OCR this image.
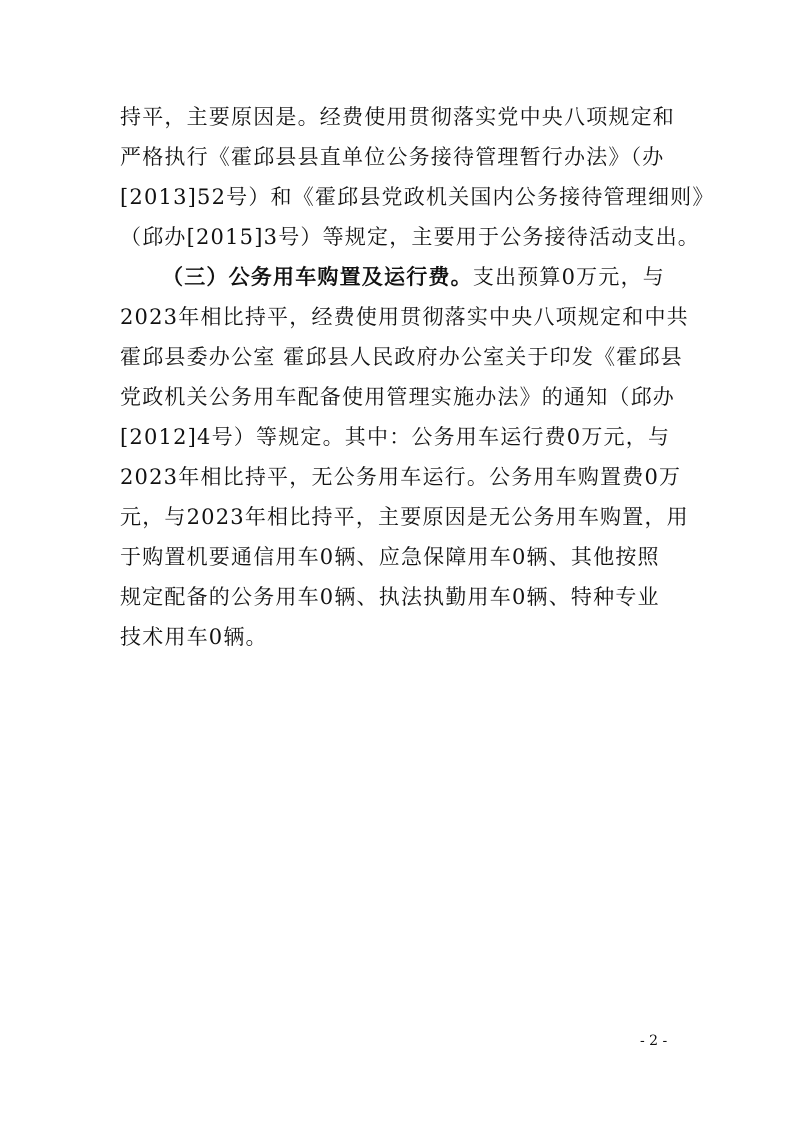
持平，主要原因是。经费使用贯彻落实党中央八项规定和
严格执行《霍邱县县直单位公务接待管理暂行办法》（办
[2013]52号）和《霍邱县党政机关国内公务接待管理细则》
（邱办[2015]3号）等规定，主要用于公务接待活动支出。
（三）公务用车购置及运行费。支出预算0万元，与
2023年相比持平，经费使用贯彻落实中央八项规定和中共
霍邱县委办公室 霍邱县人民政府办公室关于印发《霍邱县
党政机关公务用车配备使用管理实施办法》的通知（邱办
[2012]4号）等规定。其中：公务用车运行费0万元，与
2023年相比持平，无公务用车运行。公务用车购置费0万
元，与2023年相比持平，主要原因是无公务用车购置，用
于购置机要通信用车0辆、应急保障用车0辆、其他按照
规定配备的公务用车0辆、执法执勤用车0辆、特种专业
技术用车0辆。
- 2 -
